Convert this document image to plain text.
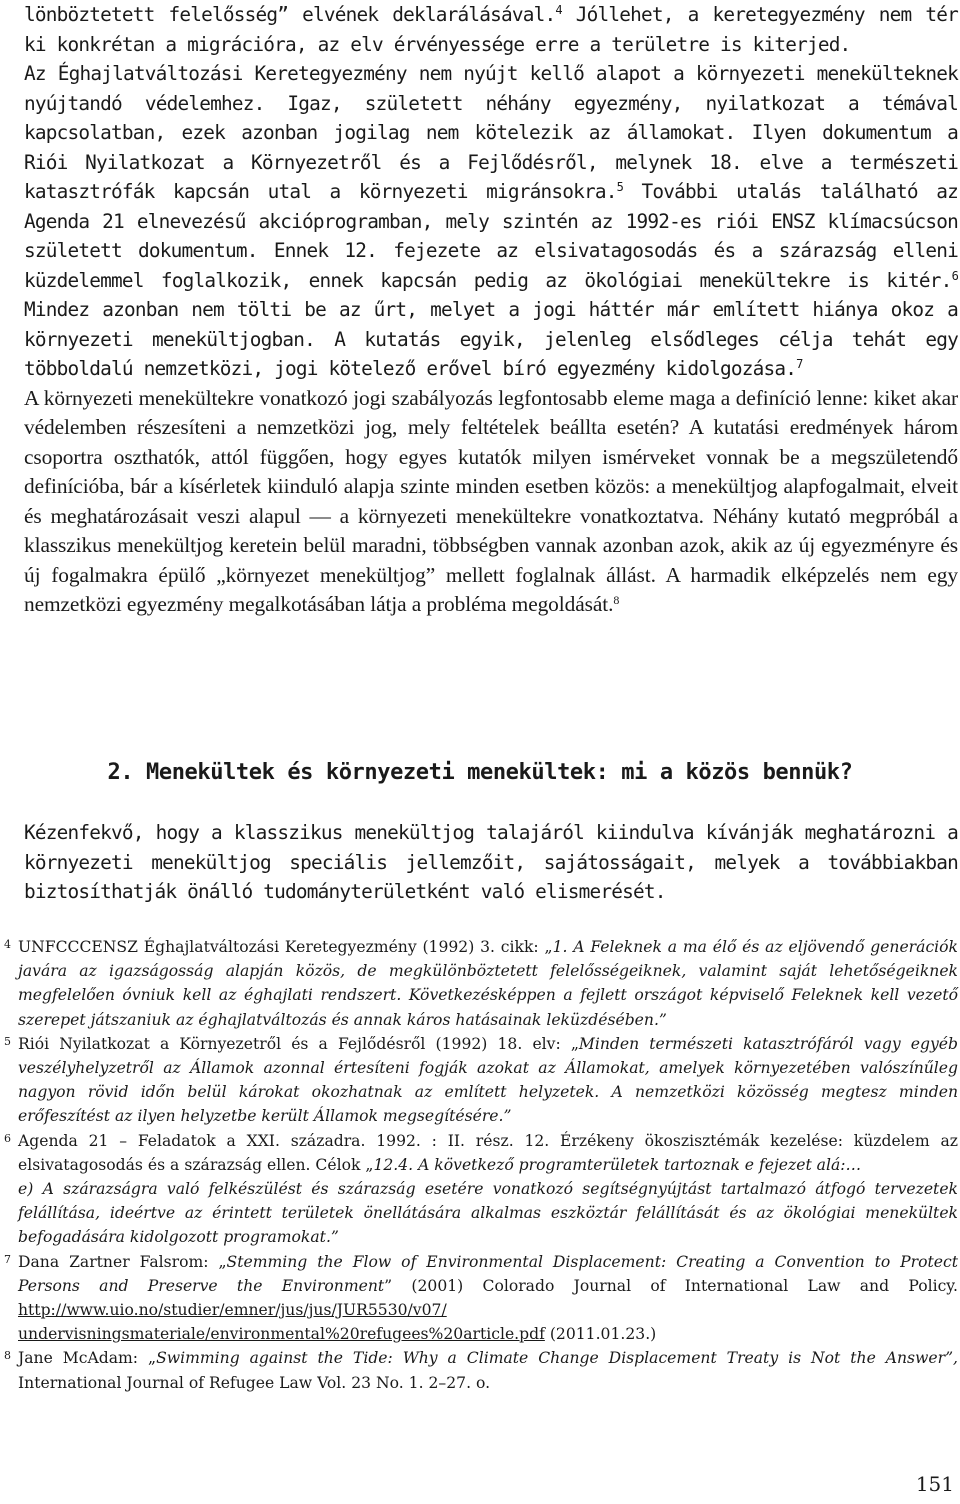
lönböztetett felelősség” elvének deklarálásával.$^4$ Jóllehet, a keretegyezmény nem tér ki konkrétan a migrációra, az elv érvényessége erre a területre is kiterjed.

Az Éghajlatváltozási Keretegyezmény nem nyújt kellő alapot a környezeti menekülteknek nyújtandó védelemhez. Igaz, született néhány egyezmény, nyilatkozat a témával kapcsolatban, ezek azonban jogilag nem kötelezik az államokat. Ilyen dokumentum a Riói Nyilatkozat a Környezetről és a Fejlődésről, melynek 18. elve a természeti katasztrófák kapcsán utal a környezeti migránsokra.$^5$ További utalás található az Agenda 21 elnevezésű akcióprogramban, mely szintén az 1992-es riói ENSZ klímacsúcson született dokumentum. Ennek 12. fejezete az elsivatagosodás és a szárazság elleni küzdelemmel foglalkozik, ennek kapcsán pedig az ökológiai menekültekre is kitér.$^6$ Mindez azonban nem tölti be az űrt, melyet a jogi háttér már említett hiánya okoz a környezeti menekültjogban. A kutatás egyik, jelenleg elsődleges célja tehát egy többoldalú nemzetközi, jogi kötelező erővel bíró egyezmény kidolgozása.$^7$

A környezeti menekültekre vonatkozó jogi szabályozás legfontosabb eleme maga a definíció lenne: kiket akar védelemben részesíteni a nemzetközi jog, mely feltételek beállta esetén? A kutatási eredmények három csoportra oszthatók, attól függően, hogy egyes kutatók milyen ismérveket vonnak be a megszületendő definícióba, bár a kísérletek kiinduló alapja szinte minden esetben közös: a menekültjog alapfogalmait, elveit és meghatározásait veszi alapul — a környezeti menekültekre vonatkoztatva. Néhány kutató megpróbál a klasszikus menekültjog keretein belül maradni, többségben vannak azonban azok, akik az új egyezményre és új fogalmakra épülő „környezet menekültjog” mellett foglalnak állást. A harmadik elképzelés nem egy nemzetközi egyezmény megalkotásában látja a probléma megoldását.$^8$

2. Menekültek és környezeti menekültek: mi a közös bennük?

Kézenfekvő, hogy a klasszikus menekültjog talajáról kiindulva kívánják meghatározni a környezeti menekültjog speciális jellemzőit, sajátosságait, melyek a továbbiakban biztosíthatják önálló tudományterületként való elismerését.

4 UNFCCCENSZ Éghajlatváltozási Keretegyezmény (1992) 3. cikk: „1. A Feleknek a ma élő és az eljövendő generációk javára az igazságosság alapján közös, de megkülönböztetett felelősségeiknek, valamint saját lehetőségeiknek megfelelően óvniuk kell az éghajlati rendszert. Következésképpen a fejlett országot képviselő Feleknek kell vezető szerepet játszaniuk az éghajlatváltozás és annak káros hatásainak leküzdésében.”

5 Riói Nyilatkozat a Környezetről és a Fejlődésről (1992) 18. elv: „Minden természeti katasztrófáról vagy egyéb veszélyhelyzetről az Államok azonnal értesíteni fogják azokat az Államokat, amelyek környezetében valószínűleg nagyon rövid időn belül károkat okozhatnak az említett helyzetek. A nemzetközi közösség megtesz minden erőfeszítést az ilyen helyzetbe került Államok megsegítésére.”

6 Agenda 21 – Feladatok a XXI. századra. 1992. : II. rész. 12. Érzékeny ökoszisztémák kezelése: küzdelem az elsivatagosodás és a szárazság ellen. Célok „12.4. A következő programterületek tartoznak e fejezet alá:…
e) A szárazságra való felkészülést és szárazság esetére vonatkozó segítségnyújtást tartalmazó átfogó tervezetek felállítása, ideértve az érintett területek önellátására alkalmas eszköztár felállítását és az ökológiai menekültek befogadására kidolgozott programokat.”

7 Dana Zartner Falsrom: „Stemming the Flow of Environmental Displacement: Creating a Convention to Protect Persons and Preserve the Environment” (2001) Colorado Journal of International Law and Policy. http://www.uio.no/studier/emner/jus/jus/JUR5530/v07/ undervisningsmateriale/environmental%20refugees%20article.pdf (2011.01.23.)

8 Jane McAdam: „Swimming against the Tide: Why a Climate Change Displacement Treaty is Not the Answer”, International Journal of Refugee Law Vol. 23 No. 1. 2–27. o.

151
